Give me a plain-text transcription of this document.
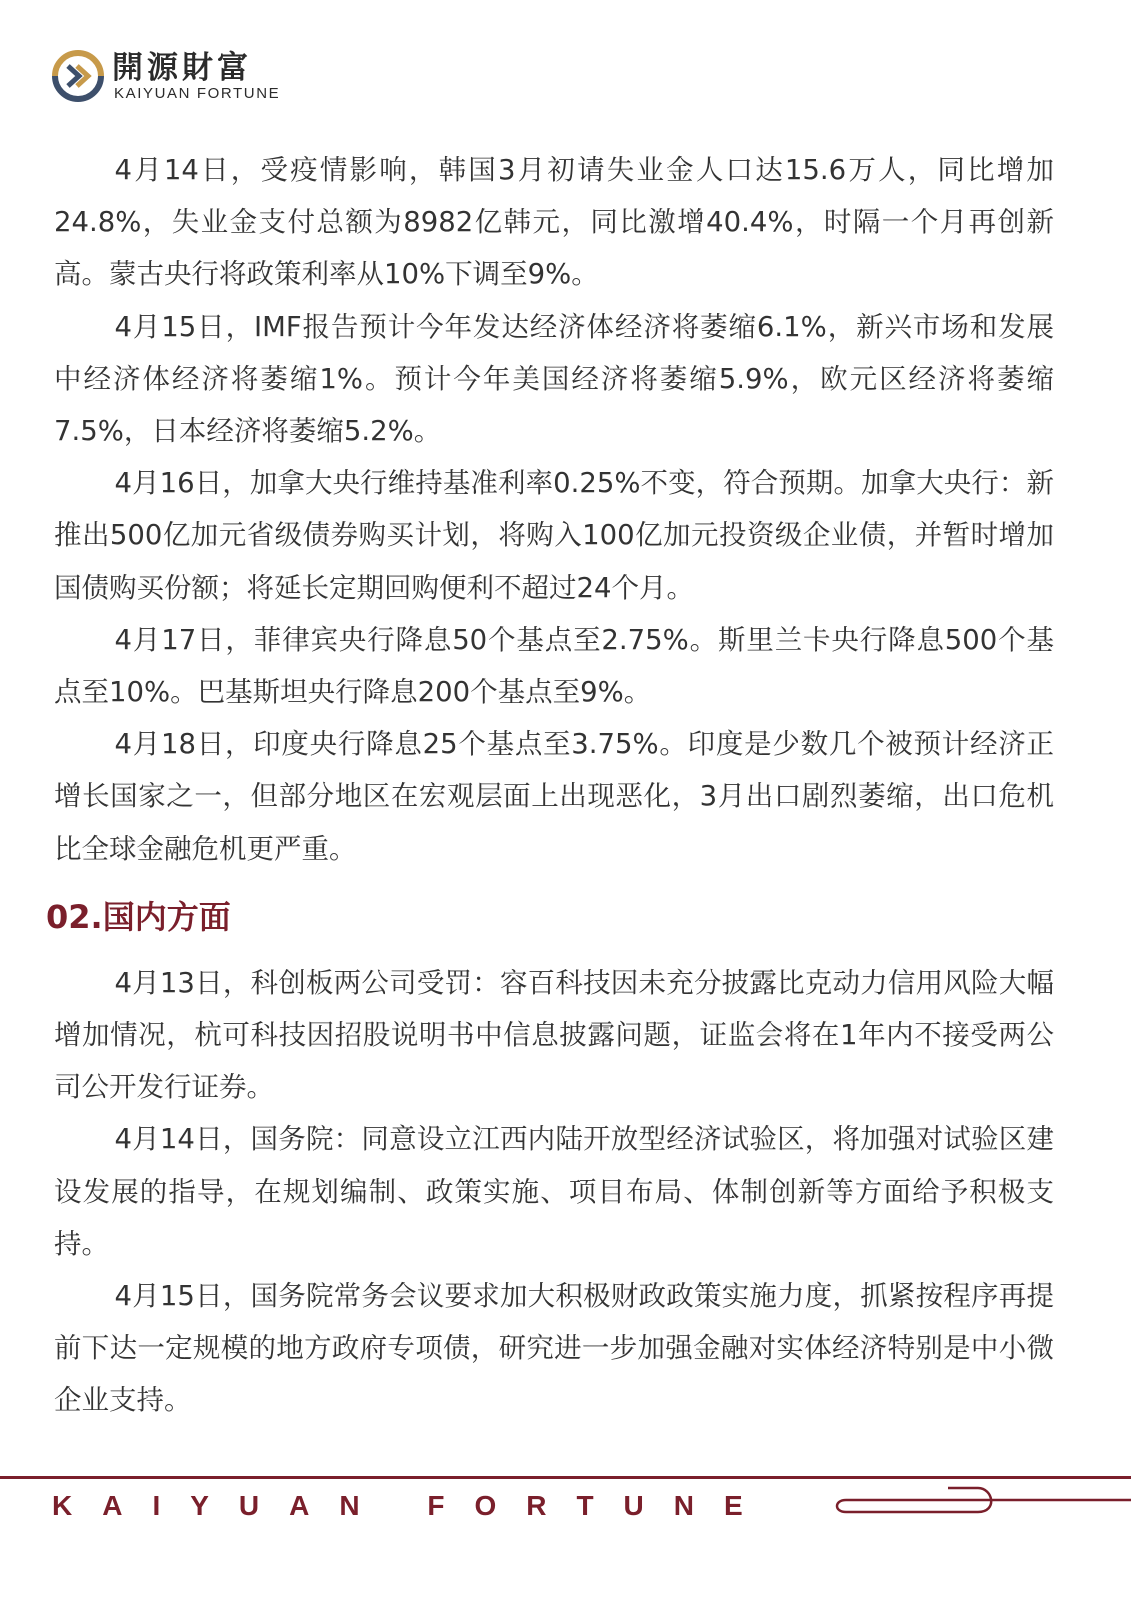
開源財富
KAIYUAN FORTUNE

4月14日，受疫情影响，韩国3月初请失业金人口达15.6万人，同比增加24.8%，失业金支付总额为8982亿韩元，同比激增40.4%，时隔一个月再创新高。蒙古央行将政策利率从10%下调至9%。

4月15日，IMF报告预计今年发达经济体经济将萎缩6.1%，新兴市场和发展中经济体经济将萎缩1%。预计今年美国经济将萎缩5.9%，欧元区经济将萎缩7.5%，日本经济将萎缩5.2%。

4月16日，加拿大央行维持基准利率0.25%不变，符合预期。加拿大央行：新推出500亿加元省级债券购买计划，将购入100亿加元投资级企业债，并暂时增加国债购买份额；将延长定期回购便利不超过24个月。

4月17日，菲律宾央行降息50个基点至2.75%。斯里兰卡央行降息500个基点至10%。巴基斯坦央行降息200个基点至9%。

4月18日，印度央行降息25个基点至3.75%。印度是少数几个被预计经济正增长国家之一，但部分地区在宏观层面上出现恶化，3月出口剧烈萎缩，出口危机比全球金融危机更严重。

02.国内方面

4月13日，科创板两公司受罚：容百科技因未充分披露比克动力信用风险大幅增加情况，杭可科技因招股说明书中信息披露问题，证监会将在1年内不接受两公司公开发行证券。

4月14日，国务院：同意设立江西内陆开放型经济试验区，将加强对试验区建设发展的指导，在规划编制、政策实施、项目布局、体制创新等方面给予积极支持。

4月15日，国务院常务会议要求加大积极财政政策实施力度，抓紧按程序再提前下达一定规模的地方政府专项债，研究进一步加强金融对实体经济特别是中小微企业支持。

KAIYUAN FORTUNE
